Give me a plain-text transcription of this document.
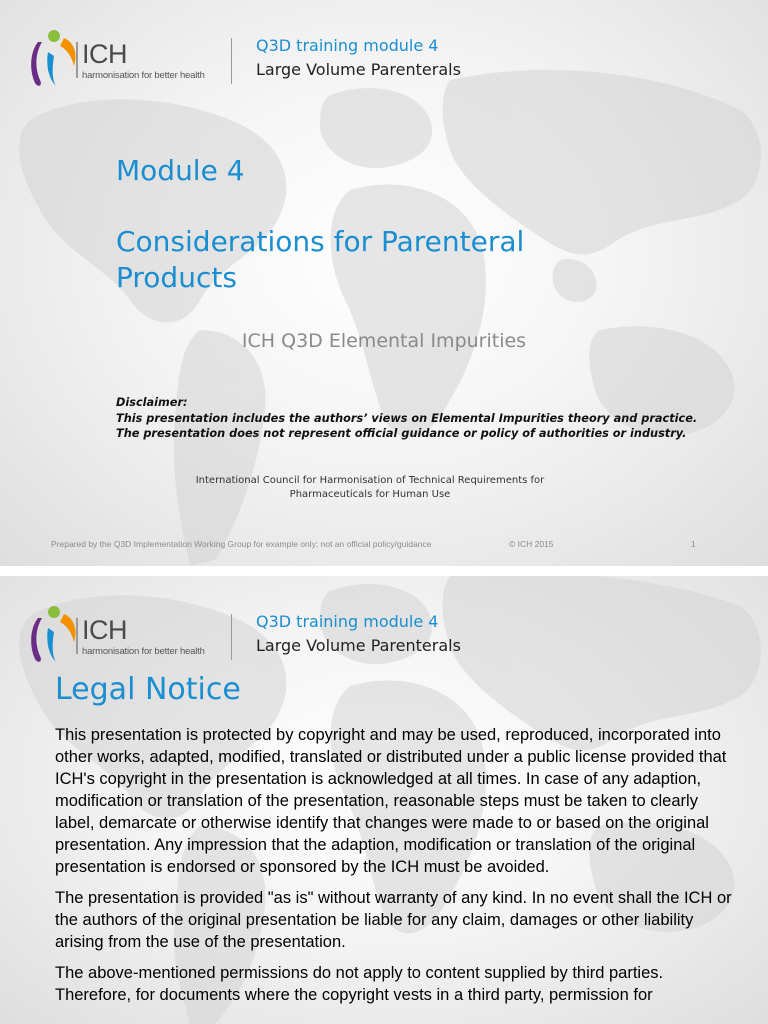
ICH
harmonisation for better health
Q3D training module 4
Large Volume Parenterals
Module 4
Considerations for Parenteral Products
ICH Q3D Elemental Impurities
Disclaimer:
This presentation includes the authors’ views on Elemental Impurities theory and practice.
The presentation does not represent official guidance or policy of authorities or industry.
International Council for Harmonisation of Technical Requirements for
Pharmaceuticals for Human Use
Prepared by the Q3D Implementation Working Group for example only; not an official policy/guidance	© ICH 2015	1
ICH
harmonisation for better health
Q3D training module 4
Large Volume Parenterals
Legal Notice

This presentation is protected by copyright and may be used, reproduced, incorporated into other works, adapted, modified, translated or distributed under a public license provided that ICH's copyright in the presentation is acknowledged at all times. In case of any adaption, modification or translation of the presentation, reasonable steps must be taken to clearly label, demarcate or otherwise identify that changes were made to or based on the original presentation. Any impression that the adaption, modification or translation of the original presentation is endorsed or sponsored by the ICH must be avoided.

The presentation is provided "as is" without warranty of any kind. In no event shall the ICH or the authors of the original presentation be liable for any claim, damages or other liability arising from the use of the presentation.

The above-mentioned permissions do not apply to content supplied by third parties. Therefore, for documents where the copyright vests in a third party, permission for
